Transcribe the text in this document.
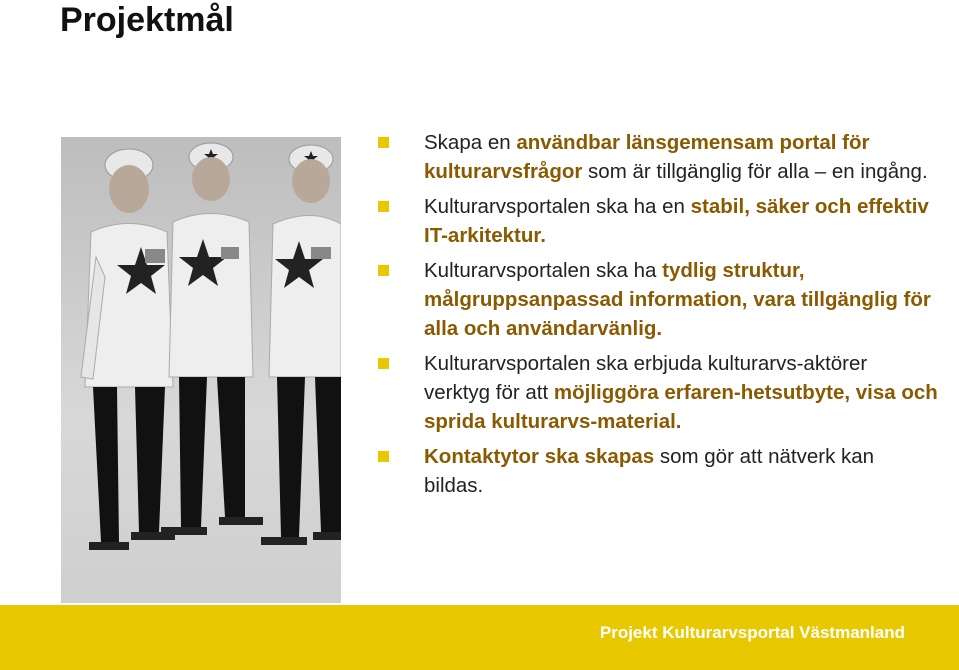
Projektmål
Skapa en användbar länsgemensam portal för kulturarvsfrågor som är tillgänglig för alla – en ingång.
Kulturarvsportalen ska ha en stabil, säker och effektiv IT-arkitektur.
Kulturarvsportalen ska ha tydlig struktur, målgruppsanpassad information, vara tillgänglig för alla och användarvänlig.
Kulturarvsportalen ska erbjuda kulturarvs-aktörer verktyg för att möjliggöra erfaren-hetsutbyte, visa och sprida kulturarvs-material.
Kontaktytor ska skapas som gör att nätverk kan bildas.
Projekt Kulturarvsportal Västmanland
